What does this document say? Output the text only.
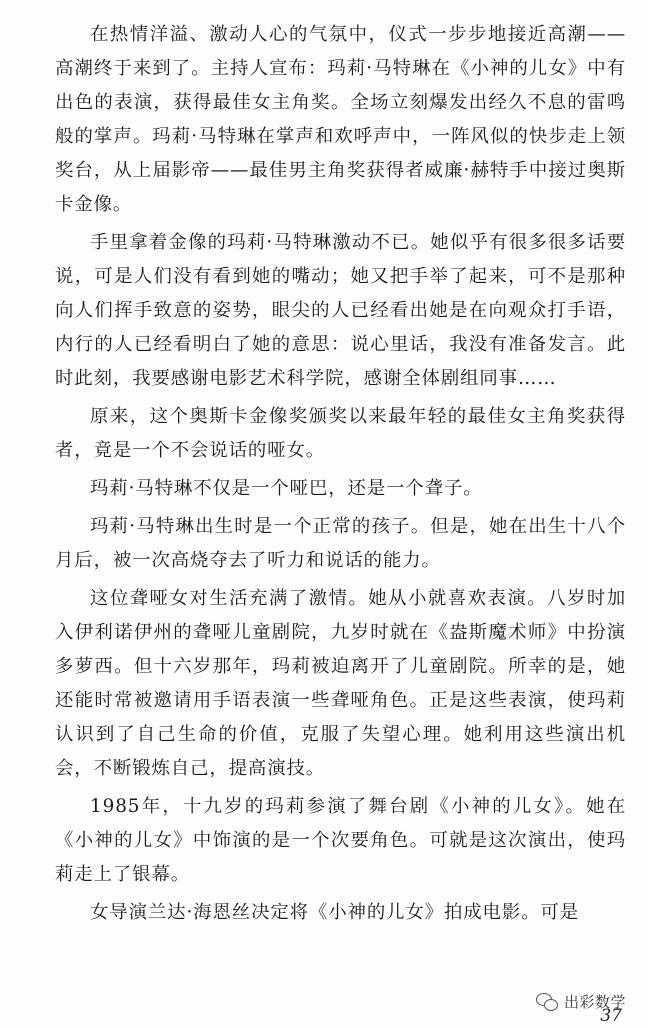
在热情洋溢、激动人心的气氛中，仪式一步步地接近高潮——高潮终于来到了。主持人宣布：玛莉·马特琳在《小神的儿女》中有出色的表演，获得最佳女主角奖。全场立刻爆发出经久不息的雷鸣般的掌声。玛莉·马特琳在掌声和欢呼声中，一阵风似的快步走上领奖台，从上届影帝——最佳男主角奖获得者威廉·赫特手中接过奥斯卡金像。

手里拿着金像的玛莉·马特琳激动不已。她似乎有很多很多话要说，可是人们没有看到她的嘴动；她又把手举了起来，可不是那种向人们挥手致意的姿势，眼尖的人已经看出她是在向观众打手语，内行的人已经看明白了她的意思：说心里话，我没有准备发言。此时此刻，我要感谢电影艺术科学院，感谢全体剧组同事……

原来，这个奥斯卡金像奖颁奖以来最年轻的最佳女主角奖获得者，竟是一个不会说话的哑女。

玛莉·马特琳不仅是一个哑巴，还是一个聋子。

玛莉·马特琳出生时是一个正常的孩子。但是，她在出生十八个月后，被一次高烧夺去了听力和说话的能力。

这位聋哑女对生活充满了激情。她从小就喜欢表演。八岁时加入伊利诺伊州的聋哑儿童剧院，九岁时就在《盎斯魔术师》中扮演多萝西。但十六岁那年，玛莉被迫离开了儿童剧院。所幸的是，她还能时常被邀请用手语表演一些聋哑角色。正是这些表演，使玛莉认识到了自己生命的价值，克服了失望心理。她利用这些演出机会，不断锻炼自己，提高演技。

1985年，十九岁的玛莉参演了舞台剧《小神的儿女》。她在《小神的儿女》中饰演的是一个次要角色。可就是这次演出，使玛莉走上了银幕。

女导演兰达·海恩丝决定将《小神的儿女》拍成电影。可是

出彩数学
37
